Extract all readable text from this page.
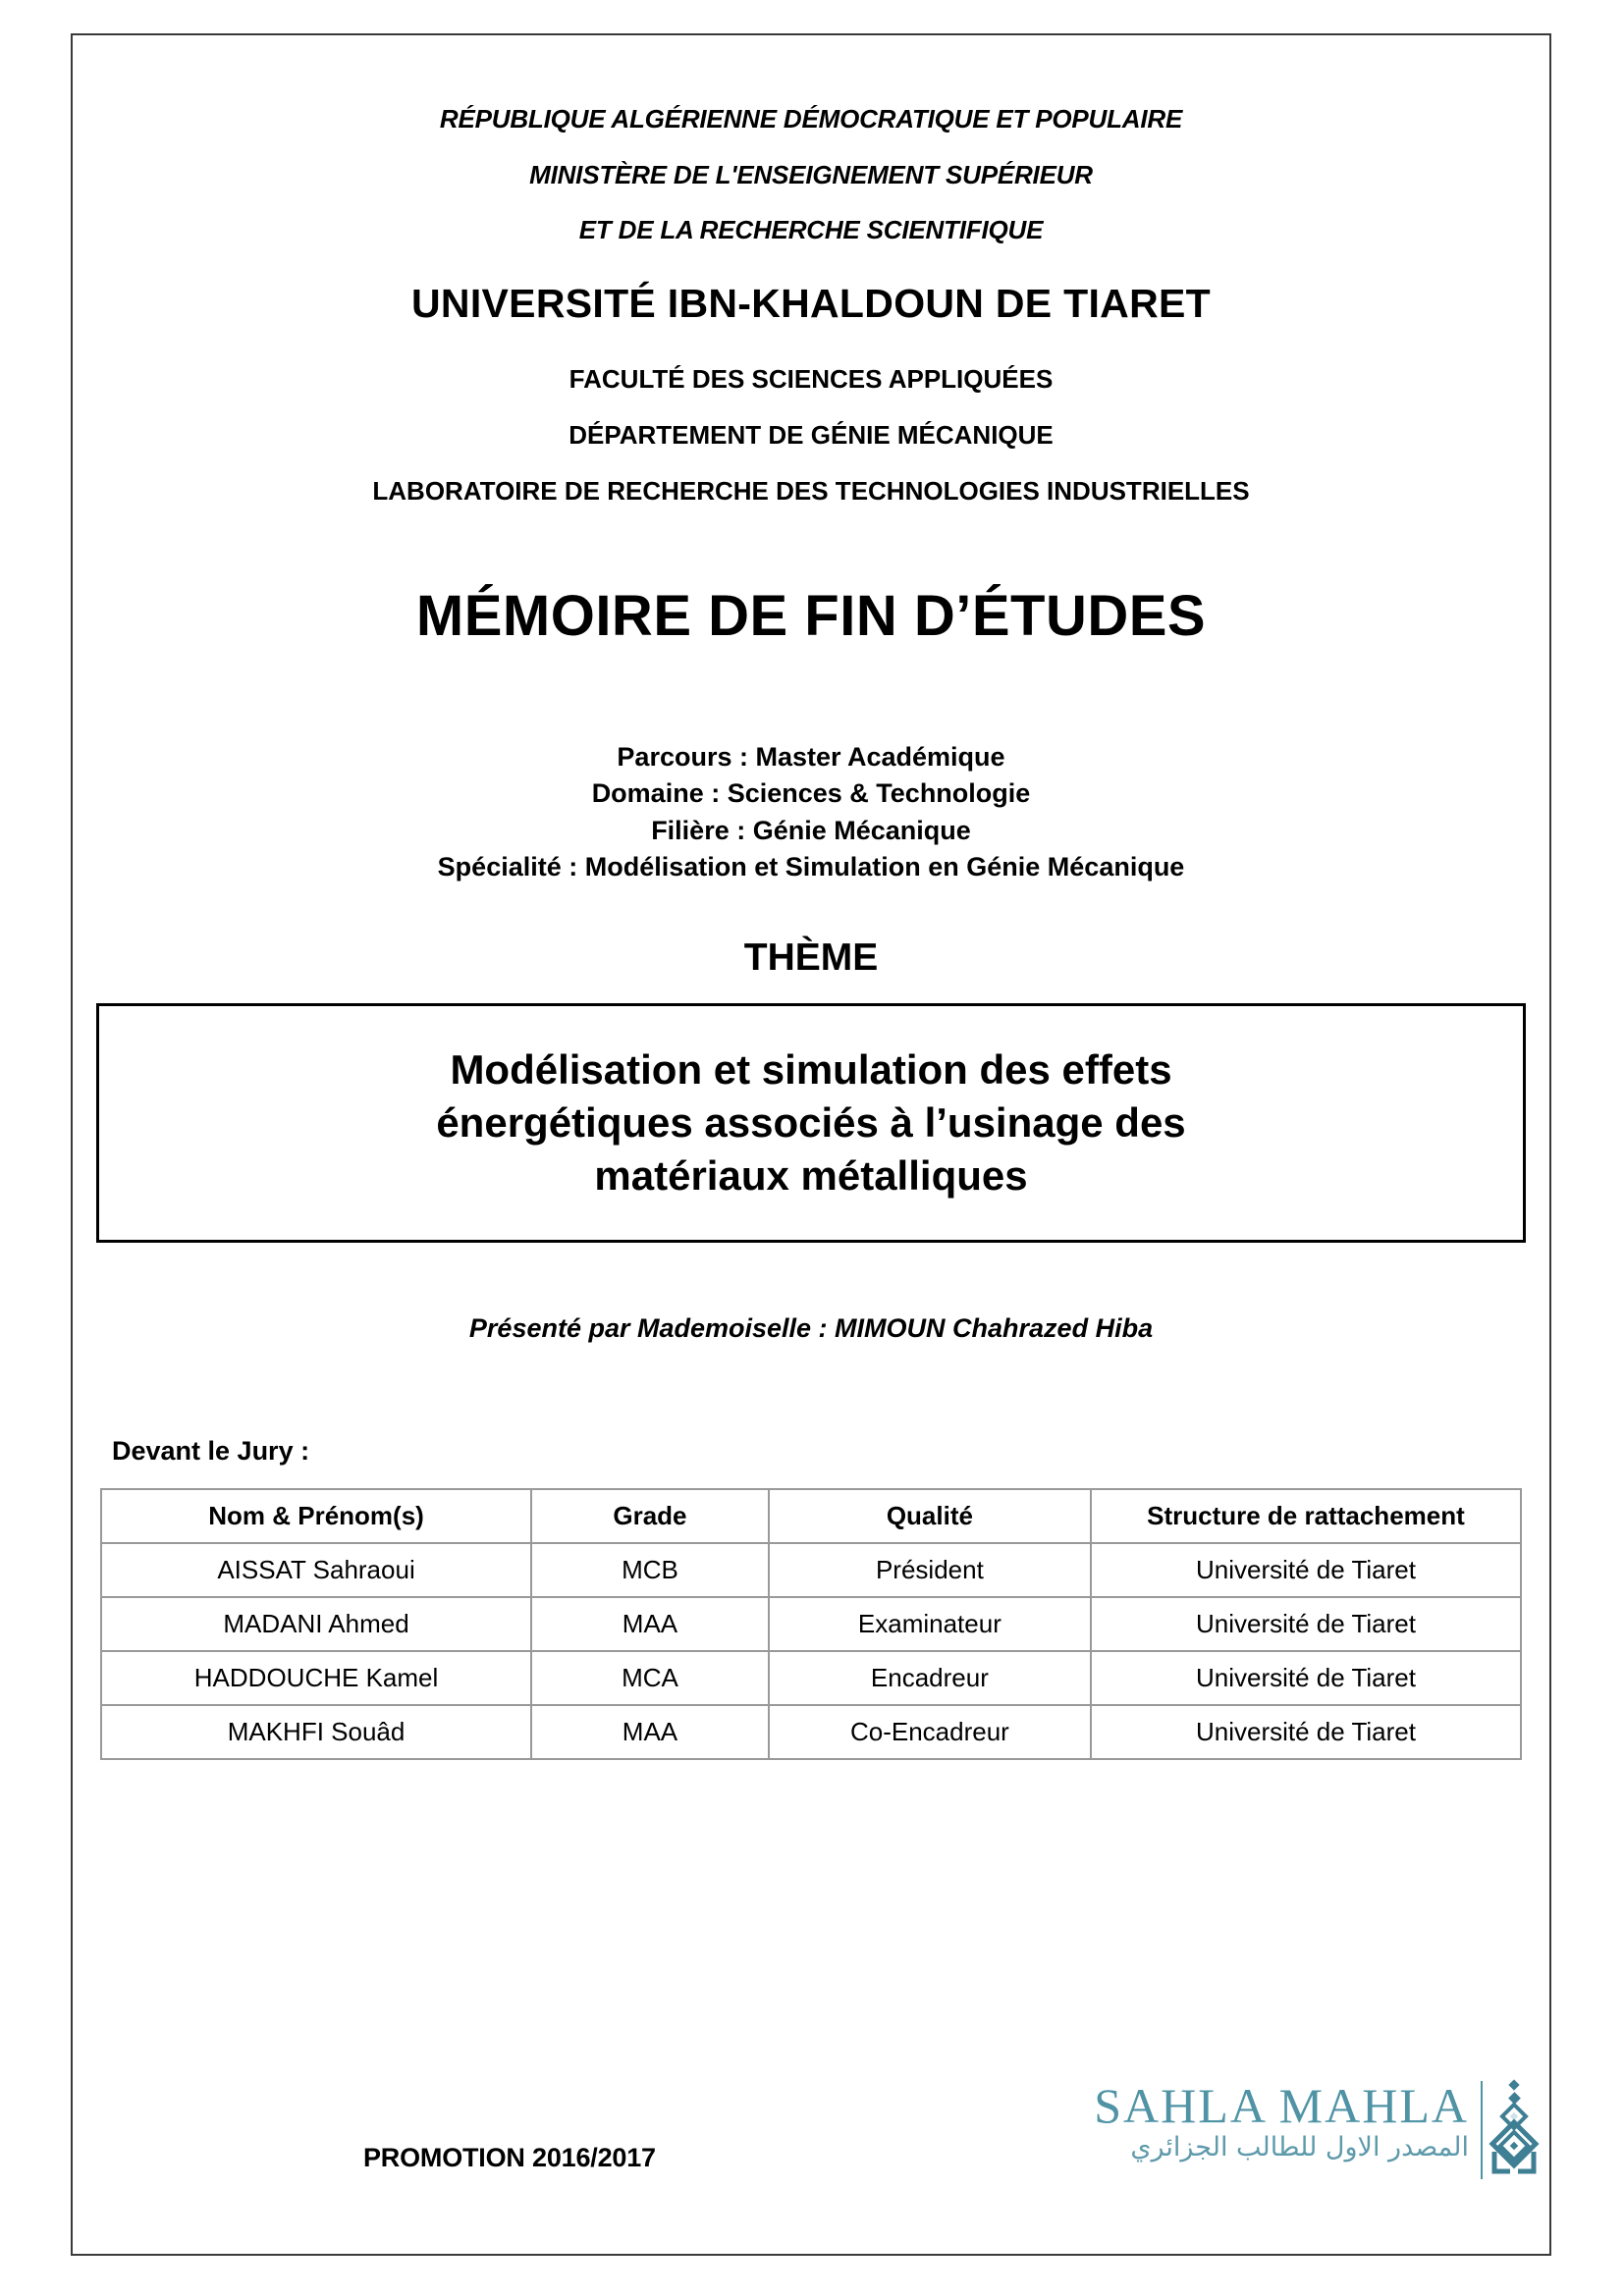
RÉPUBLIQUE ALGÉRIENNE DÉMOCRATIQUE ET POPULAIRE
MINISTÈRE DE L'ENSEIGNEMENT SUPÉRIEUR
ET DE LA RECHERCHE SCIENTIFIQUE
UNIVERSITÉ IBN-KHALDOUN DE TIARET
FACULTÉ DES SCIENCES APPLIQUÉES
DÉPARTEMENT DE GÉNIE MÉCANIQUE
LABORATOIRE DE RECHERCHE DES TECHNOLOGIES INDUSTRIELLES
MÉMOIRE DE FIN D’ÉTUDES
Parcours : Master Académique
Domaine : Sciences & Technologie
Filière : Génie Mécanique
Spécialité : Modélisation et Simulation en Génie Mécanique
THÈME
Modélisation et simulation des effets
énergétiques associés à l’usinage des
matériaux métalliques
Présenté par Mademoiselle : MIMOUN Chahrazed Hiba
Devant le Jury :
Nom & Prénom(s)	Grade	Qualité	Structure de rattachement
AISSAT Sahraoui	MCB	Président	Université de Tiaret
MADANI Ahmed	MAA	Examinateur	Université de Tiaret
HADDOUCHE Kamel	MCA	Encadreur	Université de Tiaret
MAKHFI Souâd	MAA	Co-Encadreur	Université de Tiaret
PROMOTION 2016/2017
SAHLA MAHLA
المصدر الاول للطالب الجزائري
